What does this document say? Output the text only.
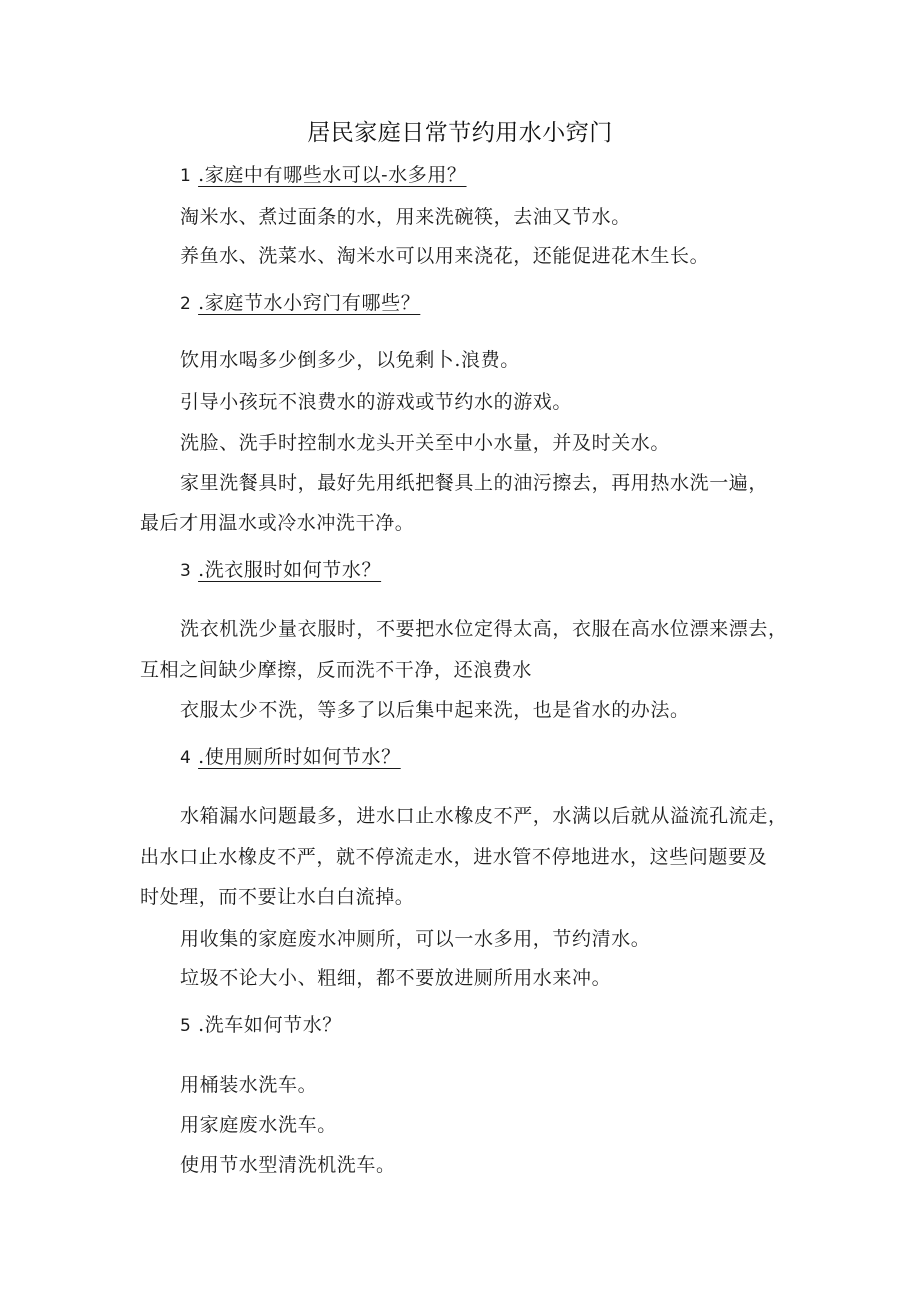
居民家庭日常节约用水小窍门
1 .家庭中有哪些水可以-水多用？
淘米水、煮过面条的水，用来洗碗筷，去油又节水。
养鱼水、洗菜水、淘米水可以用来浇花，还能促进花木生长。
2 .家庭节水小窍门有哪些？
饮用水喝多少倒多少，以免剩卜.浪费。
引导小孩玩不浪费水的游戏或节约水的游戏。
洗脸、洗手时控制水龙头开关至中小水量，并及时关水。
家里洗餐具时，最好先用纸把餐具上的油污擦去，再用热水洗一遍，
最后才用温水或冷水冲洗干净。
3 .洗衣服时如何节水？
洗衣机洗少量衣服时，不要把水位定得太高，衣服在高水位漂来漂去，
互相之间缺少摩擦，反而洗不干净，还浪费水
衣服太少不洗，等多了以后集中起来洗，也是省水的办法。
4 .使用厕所时如何节水？
水箱漏水问题最多，进水口止水橡皮不严，水满以后就从溢流孔流走，
出水口止水橡皮不严，就不停流走水，进水管不停地进水，这些问题要及
时处理，而不要让水白白流掉。
用收集的家庭废水冲厕所，可以一水多用，节约清水。
垃圾不论大小、粗细，都不要放进厕所用水来冲。
5 .洗车如何节水？
用桶装水洗车。
用家庭废水洗车。
使用节水型清洗机洗车。
